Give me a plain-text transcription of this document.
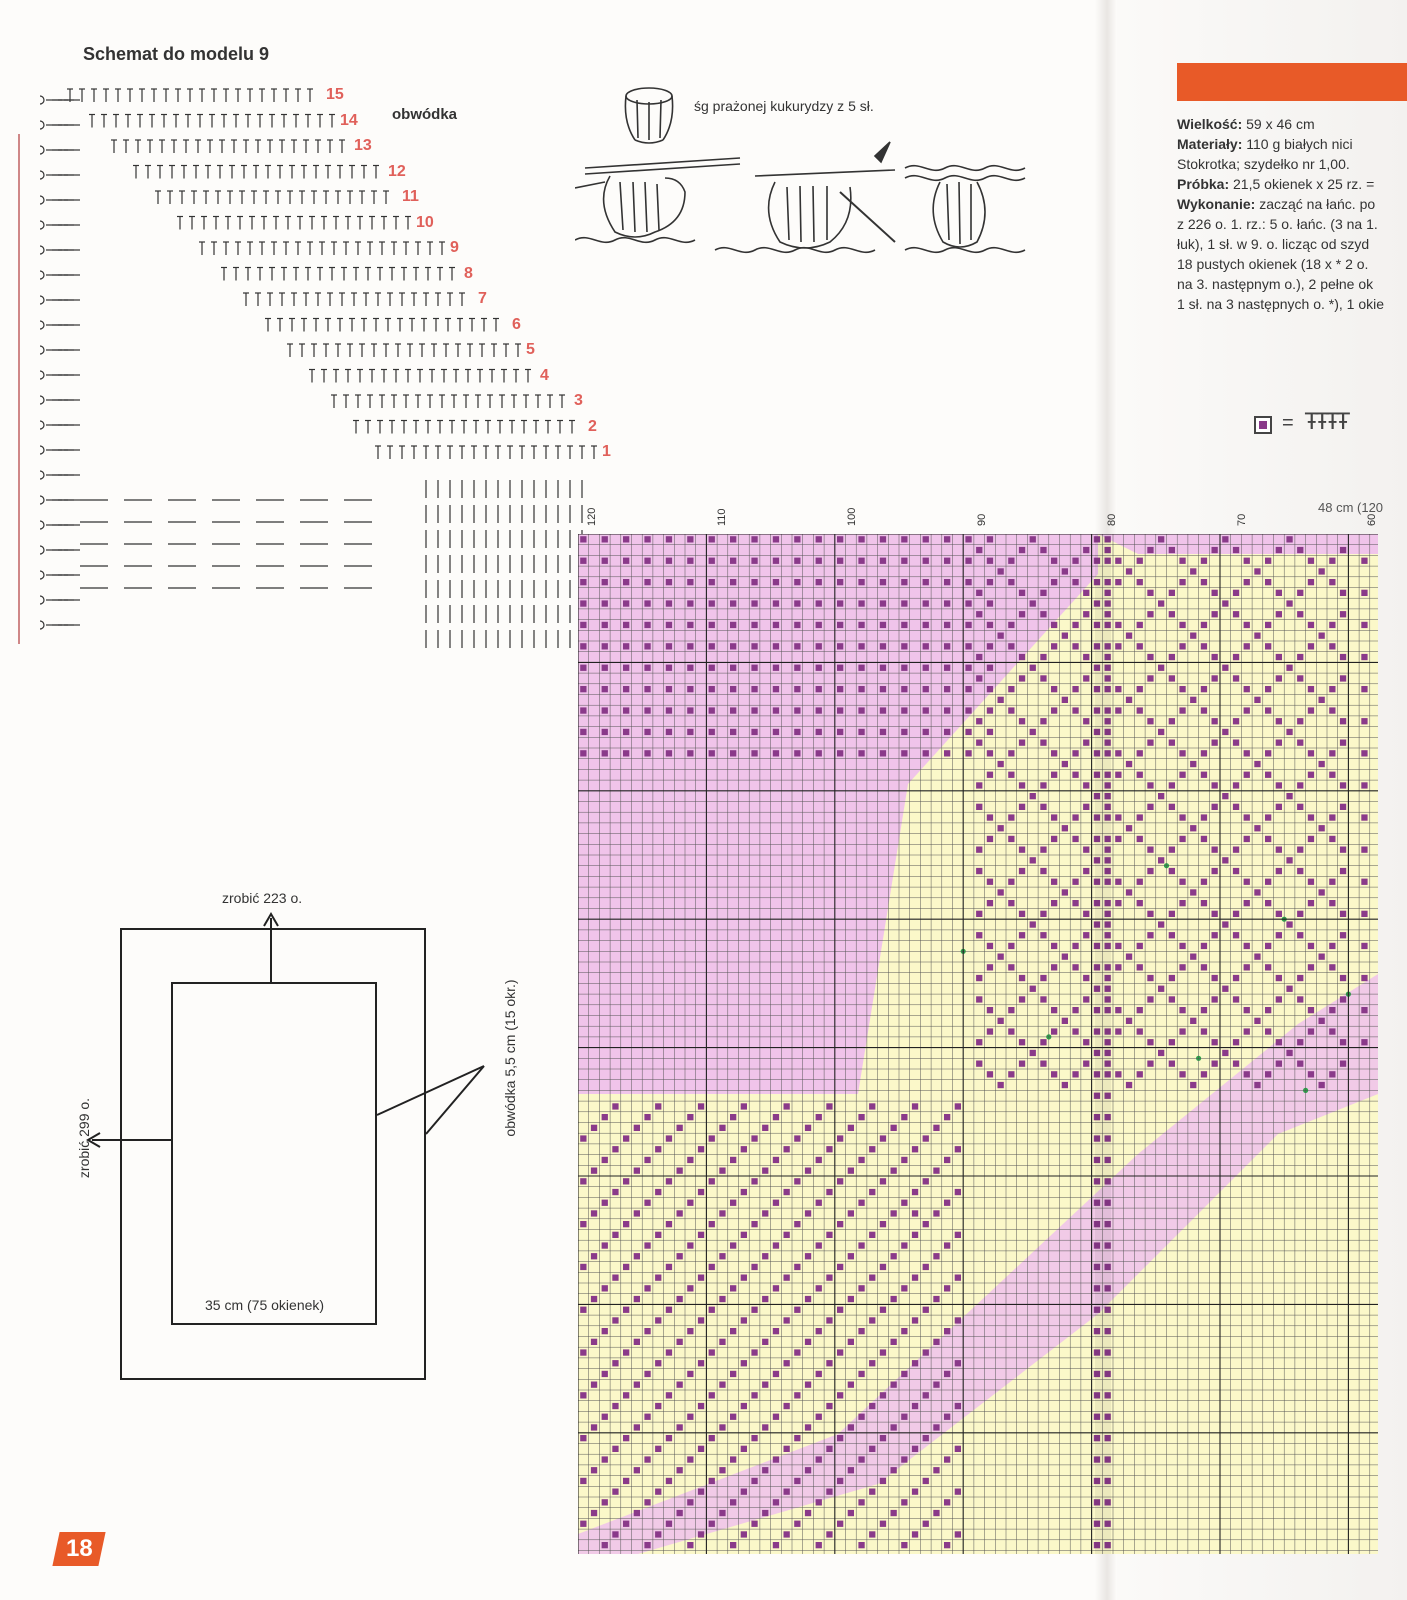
Schemat do modelu 9
obwódka
15
14
13
12
11
10
9
8
7
6
5
4
3
2
1
śg prażonej kukurydzy z 5 sł.
Wielkość: 59 x 46 cm
Materiały: 110 g białych nici
Stokrotka; szydełko nr 1,00.
Próbka: 21,5 okienek x 25 rz. =
Wykonanie: zacząć na łańc. po
z 226 o. 1. rz.: 5 o. łańc. (3 na 1.
łuk), 1 sł. w 9. o. licząc od szyd
18 pustych okienek (18 x * 2 o.
na 3. następnym o.), 2 pełne ok
1 sł. na 3 następnych o. *), 1 okie
= ŦŦŦŦ
48 cm (120
120	110	100	90	80	70	60
zrobić 223 o.
zrobić 299 o.
obwódka 5,5 cm (15 okr.)
35 cm (75 okienek)
18
